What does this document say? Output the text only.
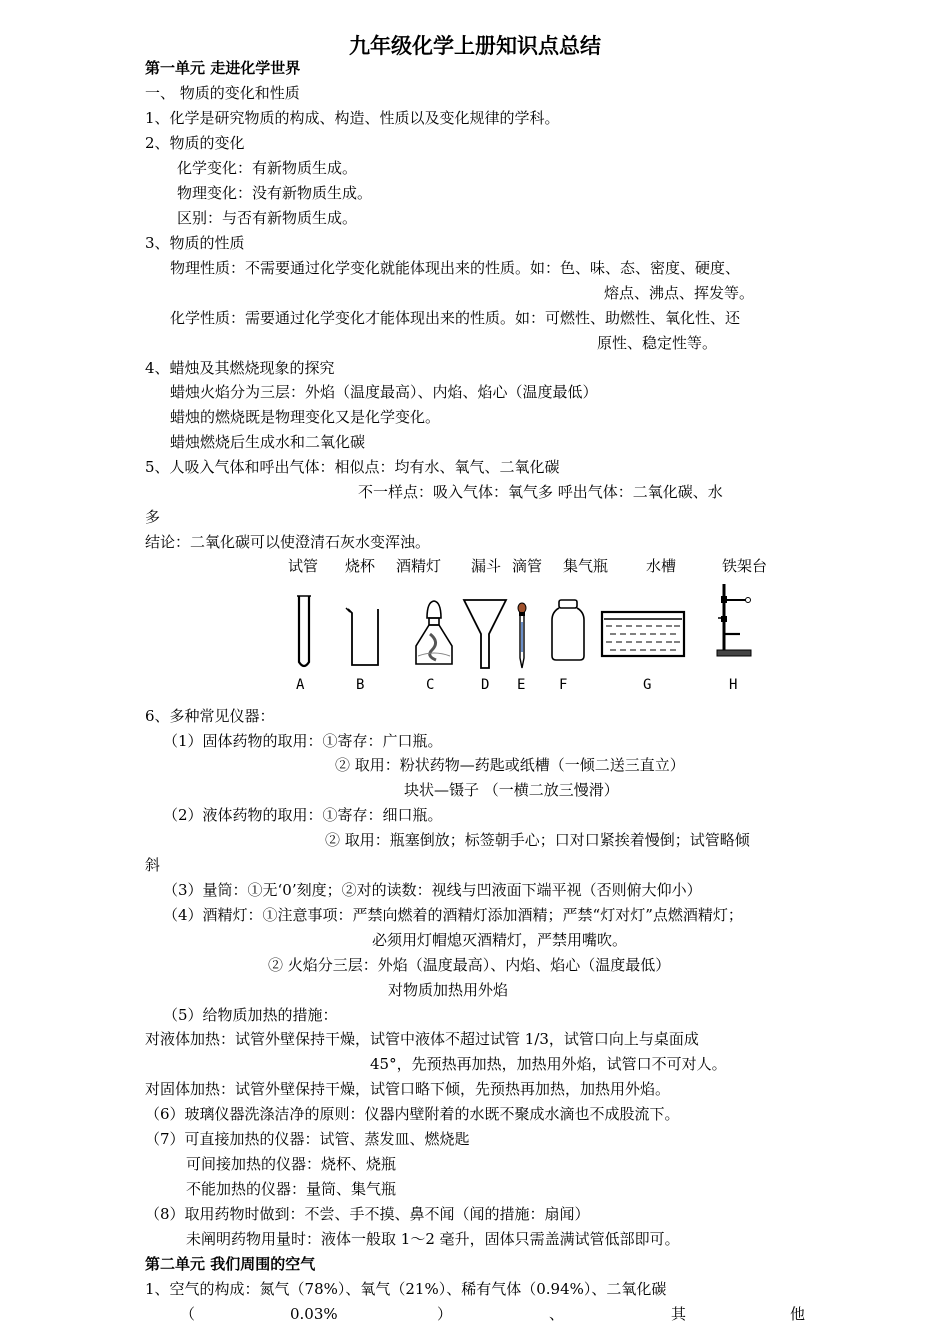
九年级化学上册知识点总结
第一单元 走进化学世界
一、 物质的变化和性质
1、化学是研究物质的构成、构造、性质以及变化规律的学科。
2、物质的变化
化学变化：有新物质生成。
物理变化：没有新物质生成。
区别：与否有新物质生成。
3、物质的性质
物理性质：不需要通过化学变化就能体现出来的性质。如：色、味、态、密度、硬度、
熔点、沸点、挥发等。
化学性质：需要通过化学变化才能体现出来的性质。如：可燃性、助燃性、氧化性、还
原性、稳定性等。
4、蜡烛及其燃烧现象的探究
蜡烛火焰分为三层：外焰（温度最高）、内焰、焰心（温度最低）
蜡烛的燃烧既是物理变化又是化学变化。
蜡烛燃烧后生成水和二氧化碳
5、人吸入气体和呼出气体：相似点：均有水、氧气、二氧化碳
不一样点：吸入气体：氧气多 呼出气体：二氧化碳、水
多
结论：二氧化碳可以使澄清石灰水变浑浊。
试管 烧杯 酒精灯 漏斗 滴管 集气瓶	水槽	铁架台
A	B	C	D E F	G	H
6、多种常见仪器：
（1）固体药物的取用：①寄存：广口瓶。
② 取用：粉状药物—药匙或纸槽（一倾二送三直立）
块状—镊子 （一横二放三慢滑）
（2）液体药物的取用：①寄存：细口瓶。
② 取用：瓶塞倒放；标签朝手心；口对口紧挨着慢倒；试管略倾
斜
（3）量筒：①无‘0’刻度；②对的读数：视线与凹液面下端平视（否则俯大仰小）
（4）酒精灯：①注意事项：严禁向燃着的酒精灯添加酒精；严禁“灯对灯”点燃酒精灯；
必须用灯帽熄灭酒精灯，严禁用嘴吹。
② 火焰分三层：外焰（温度最高）、内焰、焰心（温度最低）
对物质加热用外焰
（5）给物质加热的措施：
对液体加热：试管外壁保持干燥，试管中液体不超过试管 1/3，试管口向上与桌面成
45°，先预热再加热，加热用外焰，试管口不可对人。
对固体加热：试管外壁保持干燥，试管口略下倾，先预热再加热，加热用外焰。
（6）玻璃仪器洗涤洁净的原则：仪器内壁附着的水既不聚成水滴也不成股流下。
（7）可直接加热的仪器：试管、蒸发皿、燃烧匙
可间接加热的仪器：烧杯、烧瓶
不能加热的仪器：量筒、集气瓶
（8）取用药物时做到：不尝、手不摸、鼻不闻（闻的措施：扇闻）
未阐明药物用量时：液体一般取 1～2 毫升，固体只需盖满试管低部即可。
第二单元 我们周围的空气
1、空气的构成：氮气（78%）、氧气（21%）、稀有气体（0.94%）、二氧化碳
（	0.03%	）	、	其	他
